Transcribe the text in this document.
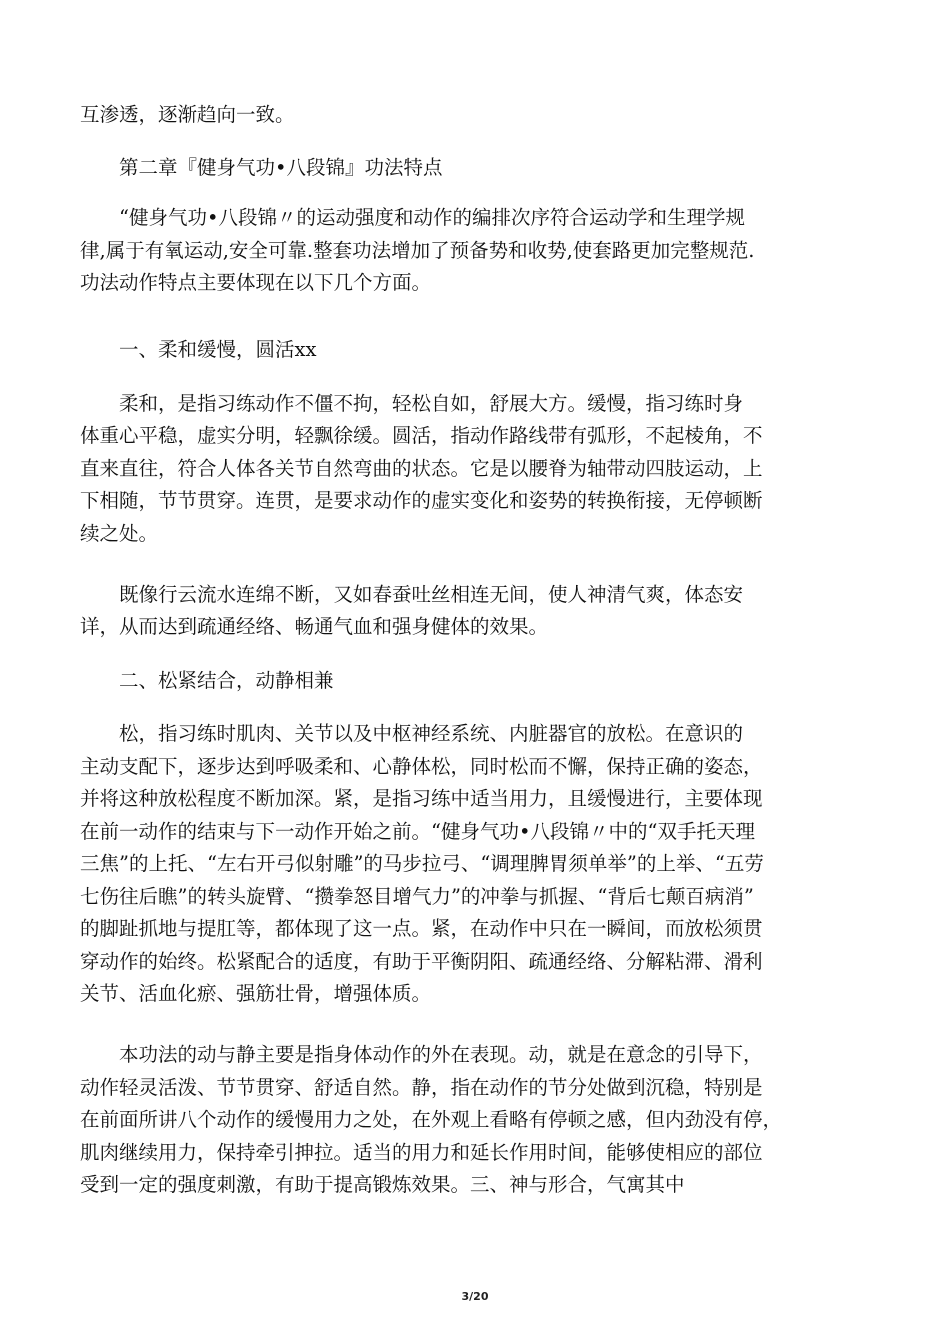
互渗透，逐渐趋向一致。
第二章『健身气功•八段锦』功法特点
“健身气功•八段锦〃的运动强度和动作的编排次序符合运动学和生理学规
律,属于有氧运动,安全可靠.整套功法增加了预备势和收势,使套路更加完整规范.
功法动作特点主要体现在以下几个方面。
一、柔和缓慢，圆活xx
柔和，是指习练动作不僵不拘，轻松自如，舒展大方。缓慢，指习练时身
体重心平稳，虚实分明，轻飘徐缓。圆活，指动作路线带有弧形，不起棱角，不
直来直往，符合人体各关节自然弯曲的状态。它是以腰脊为轴带动四肢运动，上
下相随，节节贯穿。连贯，是要求动作的虚实变化和姿势的转换衔接，无停顿断
续之处。
既像行云流水连绵不断，又如春蚕吐丝相连无间，使人神清气爽，体态安
详，从而达到疏通经络、畅通气血和强身健体的效果。
二、松紧结合，动静相兼
松，指习练时肌肉、关节以及中枢神经系统、内脏器官的放松。在意识的
主动支配下，逐步达到呼吸柔和、心静体松，同时松而不懈，保持正确的姿态，
并将这种放松程度不断加深。紧，是指习练中适当用力，且缓慢进行，主要体现
在前一动作的结束与下一动作开始之前。“健身气功•八段锦〃中的“双手托天理
三焦”的上托、“左右开弓似射雕”的马步拉弓、“调理脾胃须单举”的上举、“五劳
七伤往后瞧”的转头旋臂、“攒拳怒目增气力”的冲拳与抓握、“背后七颠百病消”
的脚趾抓地与提肛等，都体现了这一点。紧，在动作中只在一瞬间，而放松须贯
穿动作的始终。松紧配合的适度，有助于平衡阴阳、疏通经络、分解粘滞、滑利
关节、活血化瘀、强筋壮骨，增强体质。
本功法的动与静主要是指身体动作的外在表现。动，就是在意念的引导下，
动作轻灵活泼、节节贯穿、舒适自然。静，指在动作的节分处做到沉稳，特别是
在前面所讲八个动作的缓慢用力之处，在外观上看略有停顿之感，但内劲没有停，
肌肉继续用力，保持牵引抻拉。适当的用力和延长作用时间，能够使相应的部位
受到一定的强度刺激，有助于提高锻炼效果。三、神与形合，气寓其中
3/20
